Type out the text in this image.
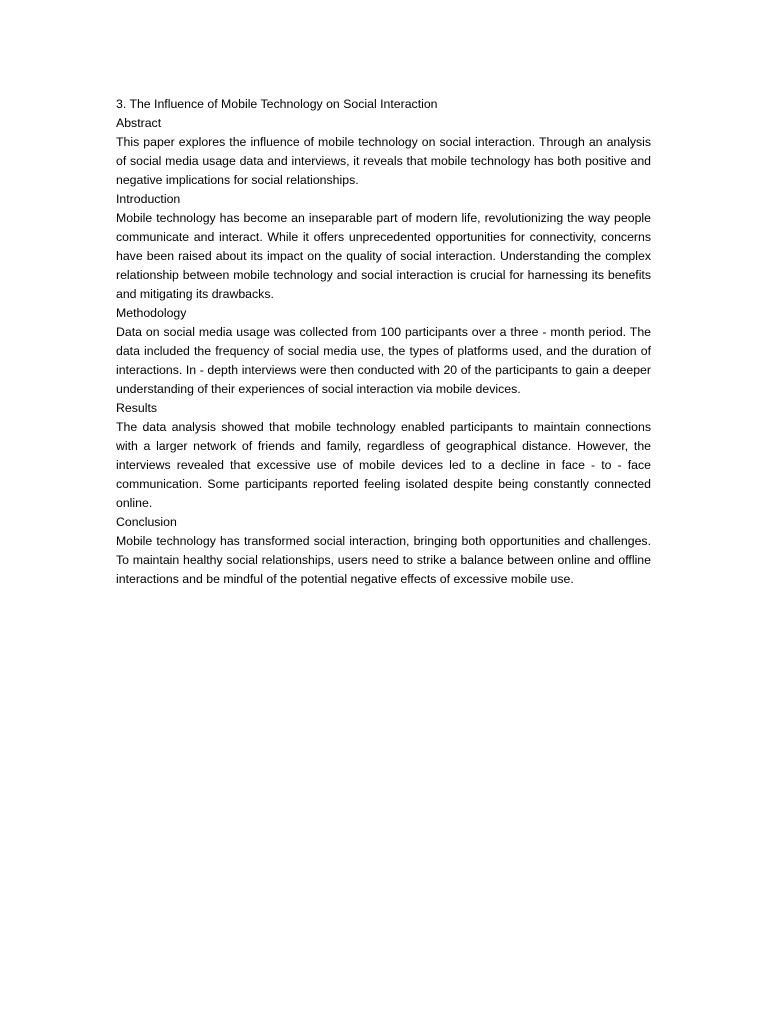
3. The Influence of Mobile Technology on Social Interaction

Abstract

This paper explores the influence of mobile technology on social interaction. Through an analysis of social media usage data and interviews, it reveals that mobile technology has both positive and negative implications for social relationships.

Introduction

Mobile technology has become an inseparable part of modern life, revolutionizing the way people communicate and interact. While it offers unprecedented opportunities for connectivity, concerns have been raised about its impact on the quality of social interaction. Understanding the complex relationship between mobile technology and social interaction is crucial for harnessing its benefits and mitigating its drawbacks.

Methodology

Data on social media usage was collected from 100 participants over a three - month period. The data included the frequency of social media use, the types of platforms used, and the duration of interactions. In - depth interviews were then conducted with 20 of the participants to gain a deeper understanding of their experiences of social interaction via mobile devices.

Results

The data analysis showed that mobile technology enabled participants to maintain connections with a larger network of friends and family, regardless of geographical distance. However, the interviews revealed that excessive use of mobile devices led to a decline in face - to - face communication. Some participants reported feeling isolated despite being constantly connected online.

Conclusion

Mobile technology has transformed social interaction, bringing both opportunities and challenges. To maintain healthy social relationships, users need to strike a balance between online and offline interactions and be mindful of the potential negative effects of excessive mobile use.
